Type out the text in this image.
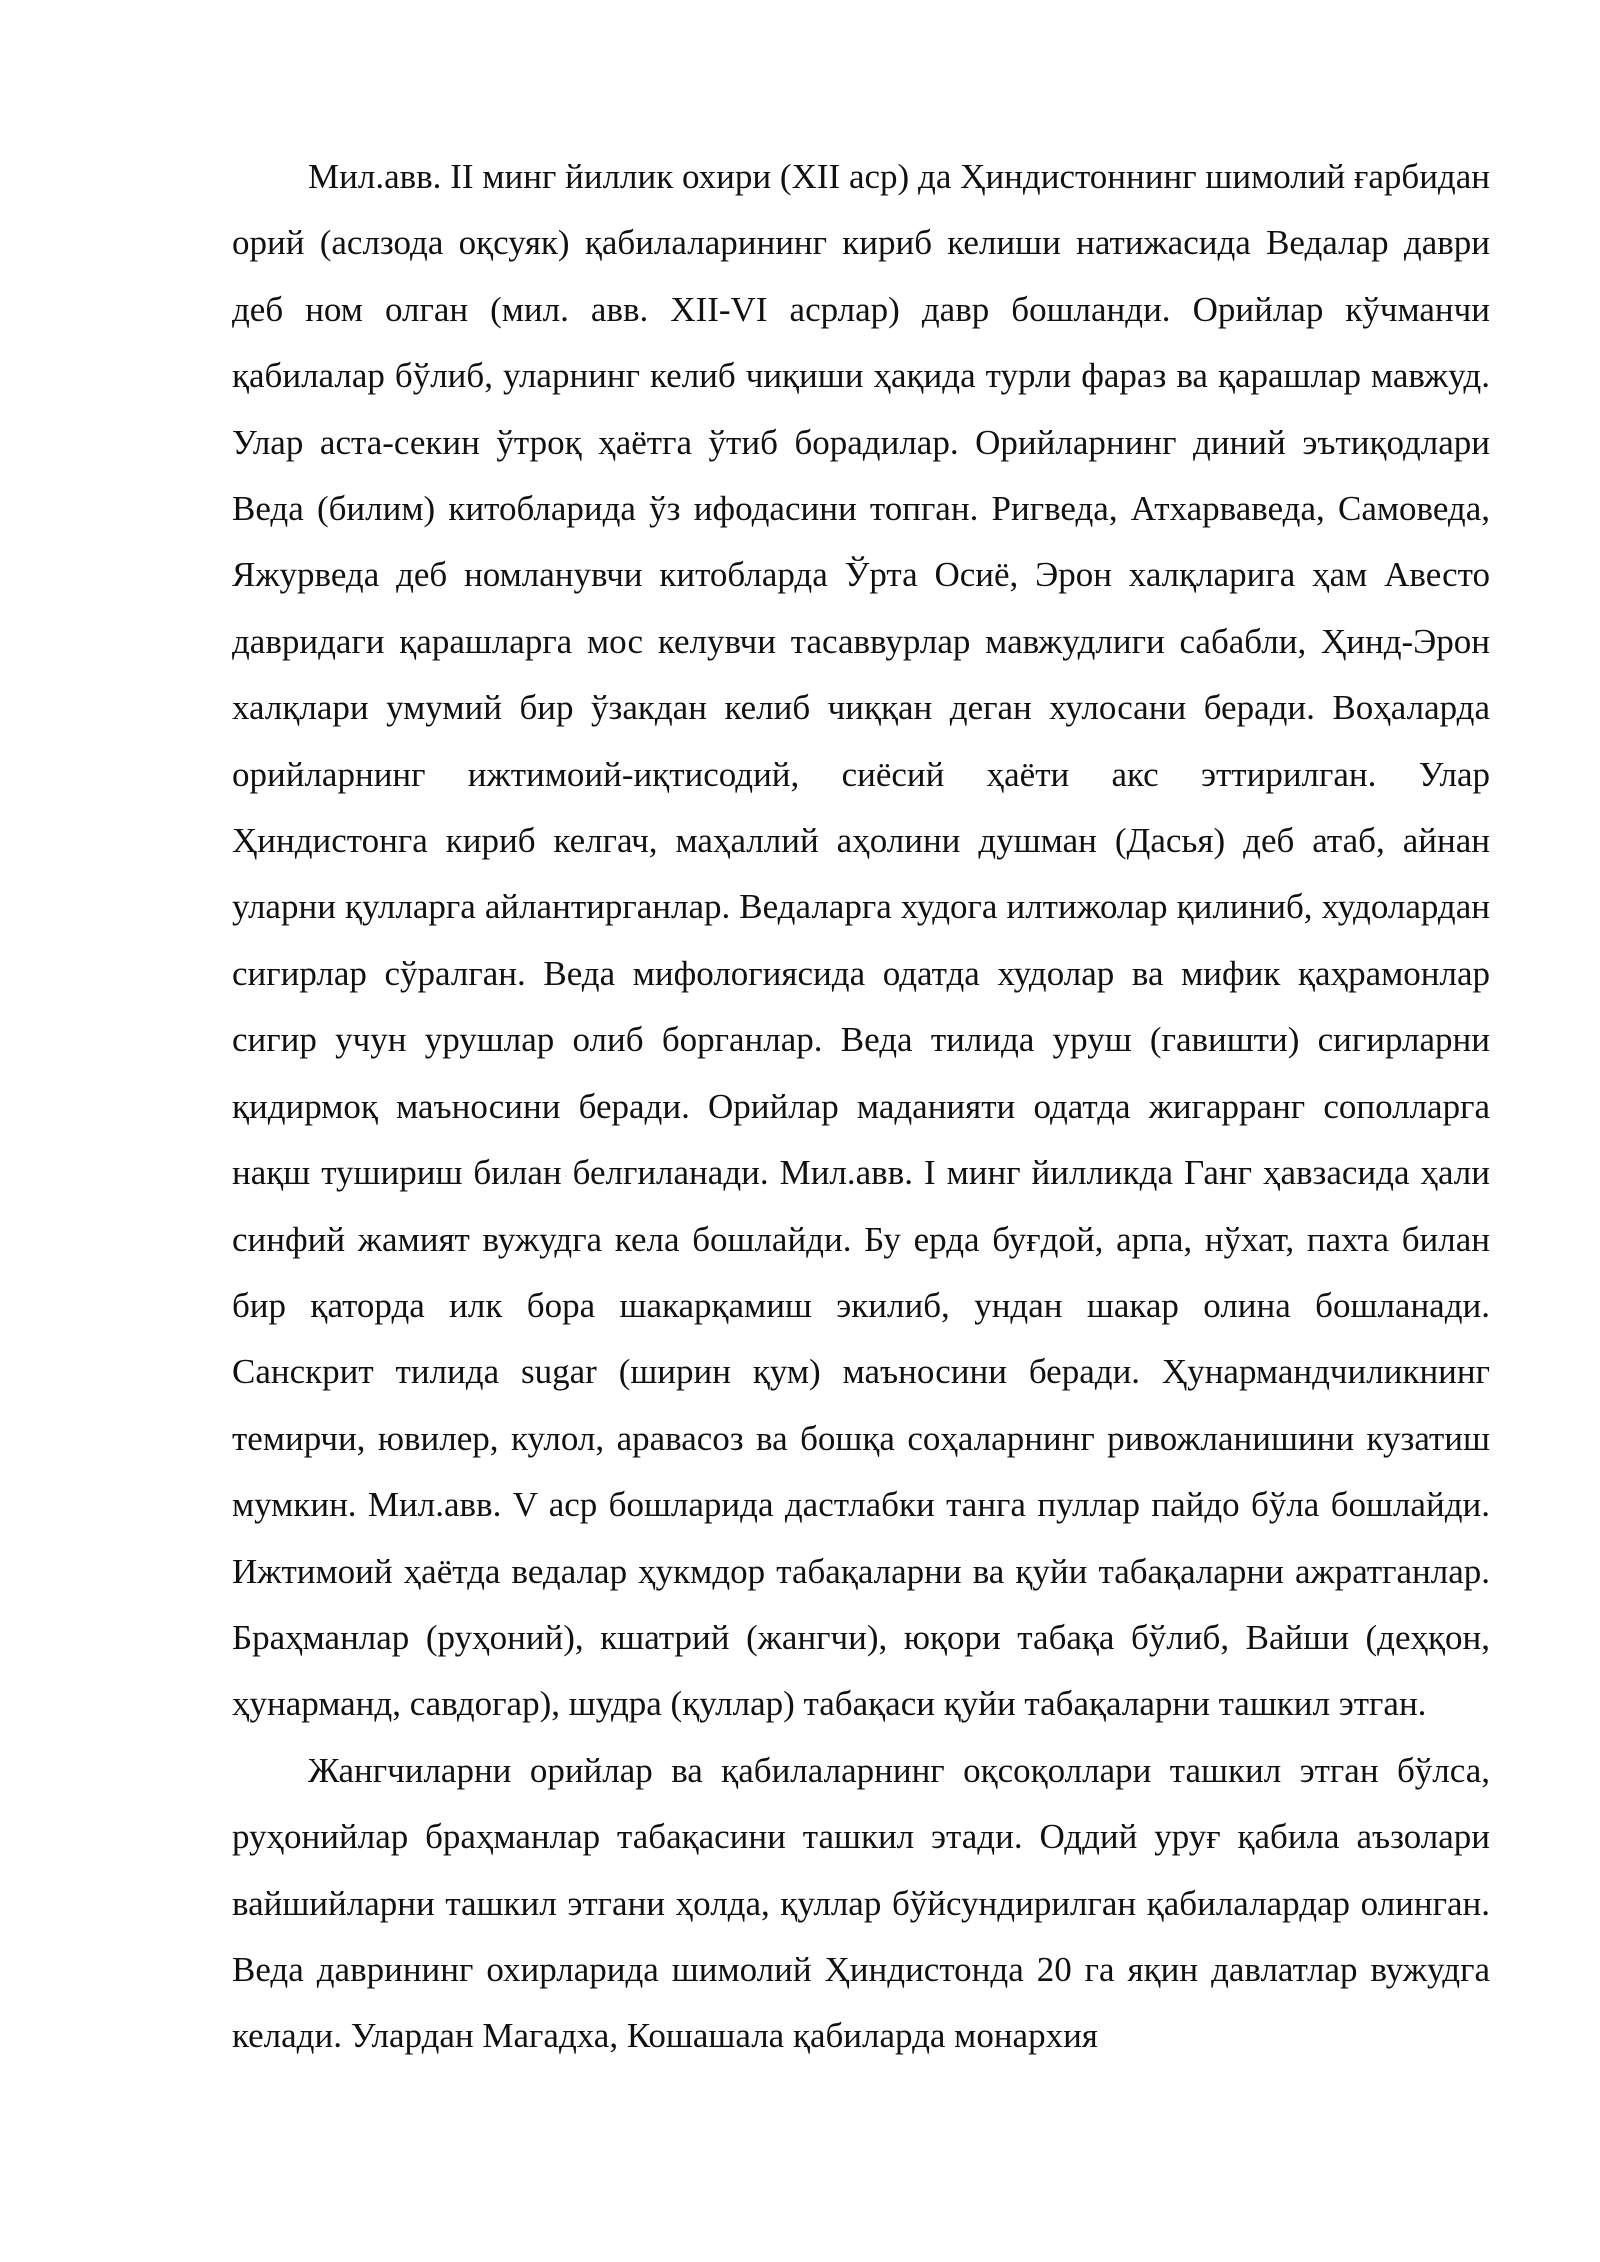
Мил.авв. II минг йиллик охири (XII аср) да Ҳиндистоннинг шимолий ғарбидан орий (аслзода оқсуяк) қабилаларининг кириб келиши натижасида Ведалар даври деб ном олган (мил. авв. XII-VI асрлар) давр бошланди. Орийлар кўчманчи қабилалар бўлиб, уларнинг келиб чиқиши ҳақида турли фараз ва қарашлар мавжуд. Улар аста-секин ўтроқ ҳаётга ўтиб борадилар. Орийларнинг диний эътиқодлари Веда (билим) китобларида ўз ифодасини топган. Ригведа, Атхарваведа, Самоведа, Яжурведа деб номланувчи китобларда Ўрта Осиё, Эрон халқларига ҳам Авесто давридаги қарашларга мос келувчи тасаввурлар мавжудлиги сабабли, Ҳинд-Эрон халқлари умумий бир ўзакдан келиб чиққан деган хулосани беради. Воҳаларда орийларнинг ижтимоий-иқтисодий, сиёсий ҳаёти акс эттирилган. Улар Ҳиндистонга кириб келгач, маҳаллий аҳолини душман (Дасья) деб атаб, айнан уларни қулларга айлантирганлар. Ведаларга худога илтижолар қилиниб, худолардан сигирлар сўралган. Веда мифологиясида одатда худолар ва мифик қаҳрамонлар сигир учун урушлар олиб борганлар. Веда тилида уруш (гавишти) сигирларни қидирмоқ маъносини беради. Орийлар маданияти одатда жигарранг сополларга нақш тушириш билан белгиланади. Мил.авв. I минг йилликда Ганг ҳавзасида ҳали синфий жамият вужудга кела бошлайди. Бу ерда буғдой, арпа, нўхат, пахта билан бир қаторда илк бора шакарқамиш экилиб, ундан шакар олина бошланади. Санскрит тилида sugar (ширин қум) маъносини беради. Ҳунармандчиликнинг темирчи, ювилер, кулол, аравасоз ва бошқа соҳаларнинг ривожланишини кузатиш мумкин. Мил.авв. V аср бошларида дастлабки танга пуллар пайдо бўла бошлайди. Ижтимоий ҳаётда ведалар ҳукмдор табақаларни ва қуйи табақаларни ажратганлар. Браҳманлар (руҳоний), кшатрий (жангчи), юқори табақа бўлиб, Вайши (деҳқон, ҳунарманд, савдогар), шудра (қуллар) табақаси қуйи табақаларни ташкил этган.

Жангчиларни орийлар ва қабилаларнинг оқсоқоллари ташкил этган бўлса, руҳонийлар браҳманлар табақасини ташкил этади. Оддий уруғ қабила аъзолари вайшийларни ташкил этгани ҳолда, қуллар бўйсундирилган қабилалардар олинган. Веда даврининг охирларида шимолий Ҳиндистонда 20 га яқин давлатлар вужудга келади. Улардан Магадха, Кошашала қабиларда монархия
